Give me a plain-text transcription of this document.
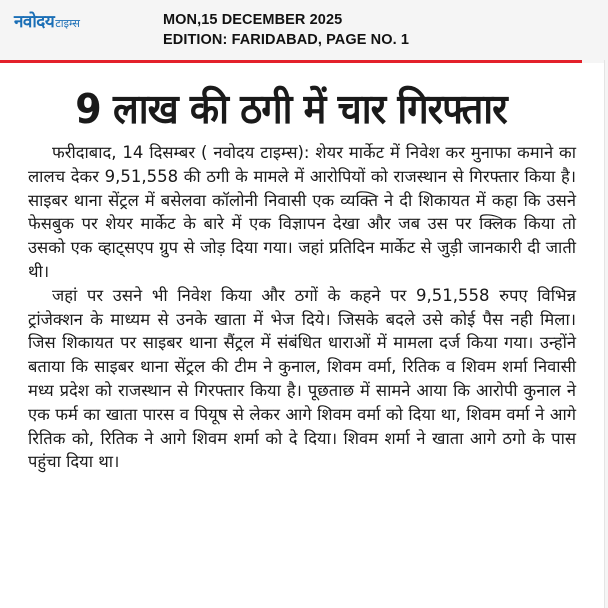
नवोदय टाइम्स	MON,15 DECEMBER 2025
EDITION: FARIDABAD, PAGE NO. 1
9 लाख की ठगी में चार गिरफ्तार

फरीदाबाद, 14 दिसम्बर ( नवोदय टाइम्स): शेयर मार्केट में निवेश कर मुनाफा कमाने का लालच देकर 9,51,558 की ठगी के मामले में आरोपियों को राजस्थान से गिरफ्तार किया है। साइबर थाना सेंट्रल में बसेलवा कॉलोनी निवासी एक व्यक्ति ने दी शिकायत में कहा कि उसने फेसबुक पर शेयर मार्केट के बारे में एक विज्ञापन देखा और जब उस पर क्लिक किया तो उसको एक व्हाट्सएप ग्रुप से जोड़ दिया गया। जहां प्रतिदिन मार्केट से जुड़ी जानकारी दी जाती थी।

जहां पर उसने भी निवेश किया और ठगों के कहने पर 9,51,558 रुपए विभिन्न ट्रांजेक्शन के माध्यम से उनके खाता में भेज दिये। जिसके बदले उसे कोई पैस नही मिला। जिस शिकायत पर साइबर थाना सैंट्रल में संबंधित धाराओं में मामला दर्ज किया गया। उन्होंने बताया कि साइबर थाना सेंट्रल की टीम ने कुनाल, शिवम वर्मा, रितिक व शिवम शर्मा निवासी मध्य प्रदेश को राजस्थान से गिरफ्तार किया है। पूछताछ में सामने आया कि आरोपी कुनाल ने एक फर्म का खाता पारस व पियूष से लेकर आगे शिवम वर्मा को दिया था, शिवम वर्मा ने आगे रितिक को, रितिक ने आगे शिवम शर्मा को दे दिया। शिवम शर्मा ने खाता आगे ठगो के पास पहुंचा दिया था।
